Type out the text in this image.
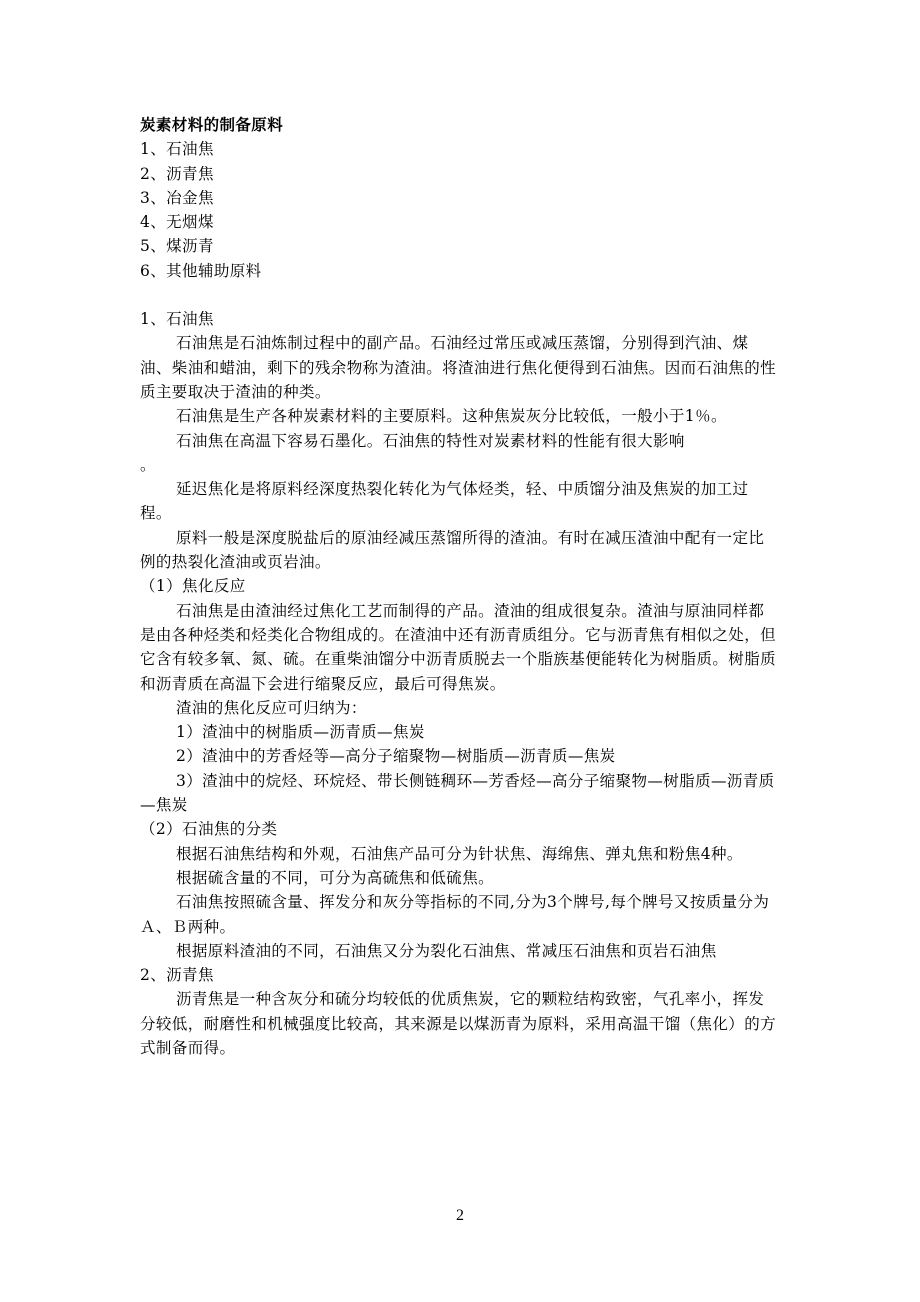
炭素材料的制备原料

1、石油焦

2、沥青焦

3、冶金焦

4、无烟煤

5、煤沥青

6、其他辅助原料

1、石油焦

石油焦是石油炼制过程中的副产品。石油经过常压或减压蒸馏，分别得到汽油、煤油、柴油和蜡油，剩下的残余物称为渣油。将渣油进行焦化便得到石油焦。因而石油焦的性质主要取决于渣油的种类。

石油焦是生产各种炭素材料的主要原料。这种焦炭灰分比较低，一般小于1％。

石油焦在高温下容易石墨化。石油焦的特性对炭素材料的性能有很大影响

。

延迟焦化是将原料经深度热裂化转化为气体烃类，轻、中质馏分油及焦炭的加工过程。

原料一般是深度脱盐后的原油经减压蒸馏所得的渣油。有时在减压渣油中配有一定比例的热裂化渣油或页岩油。

（1）焦化反应

石油焦是由渣油经过焦化工艺而制得的产品。渣油的组成很复杂。渣油与原油同样都是由各种烃类和烃类化合物组成的。在渣油中还有沥青质组分。它与沥青焦有相似之处，但它含有较多氧、氮、硫。在重柴油馏分中沥青质脱去一个脂族基便能转化为树脂质。树脂质和沥青质在高温下会进行缩聚反应，最后可得焦炭。

渣油的焦化反应可归纳为：

1）渣油中的树脂质—沥青质—焦炭

2）渣油中的芳香烃等—高分子缩聚物—树脂质—沥青质—焦炭

3）渣油中的烷烃、环烷烃、带长侧链稠环—芳香烃—高分子缩聚物—树脂质—沥青质—焦炭

（2）石油焦的分类

根据石油焦结构和外观，石油焦产品可分为针状焦、海绵焦、弹丸焦和粉焦4种。

根据硫含量的不同，可分为高硫焦和低硫焦。

石油焦按照硫含量、挥发分和灰分等指标的不同,分为3个牌号,每个牌号又按质量分为Ａ、Ｂ两种。

根据原料渣油的不同，石油焦又分为裂化石油焦、常减压石油焦和页岩石油焦

2、沥青焦

沥青焦是一种含灰分和硫分均较低的优质焦炭，它的颗粒结构致密，气孔率小，挥发分较低，耐磨性和机械强度比较高，其来源是以煤沥青为原料，采用高温干馏（焦化）的方式制备而得。

2
